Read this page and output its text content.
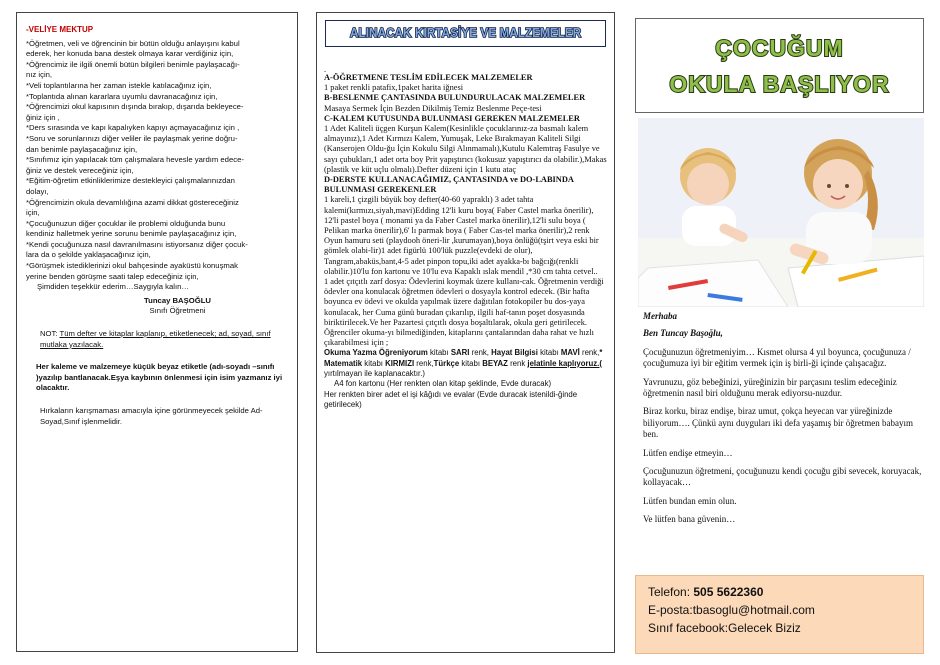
-VELİYE MEKTUP
*Öğretmen, veli ve öğrencinin bir bütün olduğu anlayışını kabul
ederek, her konuda bana destek olmaya karar verdiğiniz için,
*Öğrencimiz ile ilgili önemli bütün bilgileri benimle paylaşacağı-
nız için,
*Veli toplantılarına her zaman istekle katılacağınız için,
*Toplantıda alınan kararlara uyumlu davranacağınız için,
*Öğrencimizi okul kapısının dışında bırakıp, dışarıda bekleyece-
ğiniz için ,
*Ders sırasında ve kapı kapalıyken kapıyı açmayacağınız için ,
*Soru ve sorunlarınızı diğer veliler ile paylaşmak yerine doğru-
dan benimle paylaşacağınız için,
*Sınıfımız için yapılacak tüm çalışmalara hevesle yardım edece-
ğiniz ve destek vereceğiniz için,
*Eğitim-öğretim etkinliklerimize destekleyici çalışmalarınızdan
dolayı,
*Öğrencimizin okula devamlılığına azami dikkat göstereceğiniz
için,
*Çocuğunuzun diğer çocuklar ile problemi olduğunda bunu
kendiniz halletmek yerine sorunu benimle paylaşacağınız için,
*Kendi çocuğunuza nasıl davranılmasını istiyorsanız diğer çocuk-
lara da o şekilde yaklaşacağınız için,
*Görüşmek istediklerinizi okul bahçesinde ayaküstü konuşmak
yerine benden görüşme saati talep edeceğiniz için,
Şimdiden teşekkür ederim…Saygıyla kalın…
Tuncay BAŞOĞLU
Sınıfı Öğretmeni
NOT: Tüm defter ve kitaplar kaplanıp, etiketlenecek; ad, soyad, sınıf mutlaka yazılacak.
Her kaleme ve malzemeye küçük beyaz etiketle (adı-soyadı –sınıfı )yazılıp bantlanacak.Eşya kaybının önlenmesi için isim yazmanız iyi olacaktır.
Hırkaların karışmaması amacıyla içine görünmeyecek şekilde Ad-Soyad,Sınıf işlenmelidir.
ALINACAK KIRTASİYE VE MALZEMELER

.

A-ÖĞRETMENE TESLİM EDİLECEK MALZEMELER

1 paket renkli patafix,1paket harita iğnesi

B-BESLENME ÇANTASINDA BULUNDURULACAK MALZEMELER

Masaya Sermek İçin Bezden Dikilmiş Temiz Beslenme Peçe-tesi

C-KALEM KUTUSUNDA BULUNMASI GEREKEN MALZEMELER

1 Adet Kaliteli üçgen Kurşun Kalem(Kesinlikle çocuklarınız-za basmalı kalem almayınız),1 Adet Kırmızı Kalem, Yumuşak, Leke Bırakmayan Kaliteli Silgi (Kanserojen Oldu-ğu İçin Kokulu Silgi Alınmamalı),Kutulu Kalemtraş Fasulye ve sayı çubukları,1 adet orta boy Prit yapıştırıcı (kokusuz yapıştırıcı da olabilir.),Makas (plastik ve küt uçlu olmalı).Defter düzeni için 1 kutu ataç

D-DERSTE KULLANACAĞIMIZ, ÇANTASINDA ve DO-LABINDA BULUNMASI GEREKENLER

1 kareli,1 çizgili büyük boy defter(40-60 yapraklı) 3 adet tahta kalemi(kırmızı,siyah,mavi)Edding 12'li kuru boya( Faber Castel marka önerilir), 12'li pastel boya ( monami ya da Faber Castel marka önerilir),12'li sulu boya ( Pelikan marka önerilir),6' lı parmak boya ( Faber Cas-tel marka önerilir),2 renk Oyun hamuru seti (playdooh öneri-lir ,kurumayan),boya önlüğü(tşirt veya eski bir gömlek olabi-lir)1 adet figürlü 100'lük puzzle(evdeki de olur), Tangram,abaküs,bant,4-5 adet pinpon topu,iki adet ayakka-bı bağcığı(renkli olabilir.)10'lu fon kartonu ve 10'lu eva Kapaklı ıslak mendil ,*30 cm tahta cetvel..

1 adet çıtçıtlı zarf dosya: Ödevlerini koymak üzere kullanı-cak. Öğretmenin verdiği ödevler ona konulacak öğretmen ödevleri o dosyayla kontrol edecek. (Bir hafta boyunca ev ödevi ve okulda yapılmak üzere dağıtılan fotokopiler bu dos-yaya konulacak, her Cuma günü buradan çıkarılıp, ilgili haf-tanın poşet dosyasında biriktirilecek.Ve her Pazartesi çıtçıtlı dosya boşaltılarak, okula geri getirilecek. Öğrenciler okuma-yı bilmediğinden, kitaplarını çantalarından daha rahat ve hızlı çıkarabilmesi için ;

Okuma Yazma Öğreniyorum kitabı SARI renk, Hayat Bilgisi kitabı MAVİ renk,* Matematik kitabı KIRMIZI renk,Türkçe kitabı BEYAZ renk jelatinle kaplıyoruz.( yırtılmayan ile kaplanacaktır.)

A4 fon kartonu (Her renkten olan kitap şeklinde, Evde duracak)

Her renkten birer adet el işi kâğıdı ve evalar (Evde duracak istenildi-ğinde getirilecek)

ÇOCUĞUM
OKULA BAŞLIYOR

Merhaba

Ben Tuncay Başoğlu,

Çocuğunuzun öğretmeniyim… Kısmet olursa 4 yıl boyunca, çocuğunuza / çocuğumuza iyi bir eğitim vermek için iş birli-ği içinde çalışacağız.

Yavrunuzu, göz bebeğinizi, yüreğinizin bir parçasını teslim edeceğiniz öğretmenin nasıl biri olduğunu merak ediyorsu-nuzdur.

Biraz korku, biraz endişe, biraz umut, çokça heyecan var yüreğinizde biliyorum…. Çünkü aynı duyguları iki defa yaşamış bir öğretmen babayım ben.

Lütfen endişe etmeyin…

Çocuğunuzun öğretmeni, çocuğunuzu kendi çocuğu gibi sevecek, koruyacak, kollayacak…

Lütfen bundan emin olun.

Ve lütfen bana güvenin…

Telefon: 505 5622360
E-posta:tbasoglu@hotmail.com
Sınıf facebook:Gelecek Biziz
